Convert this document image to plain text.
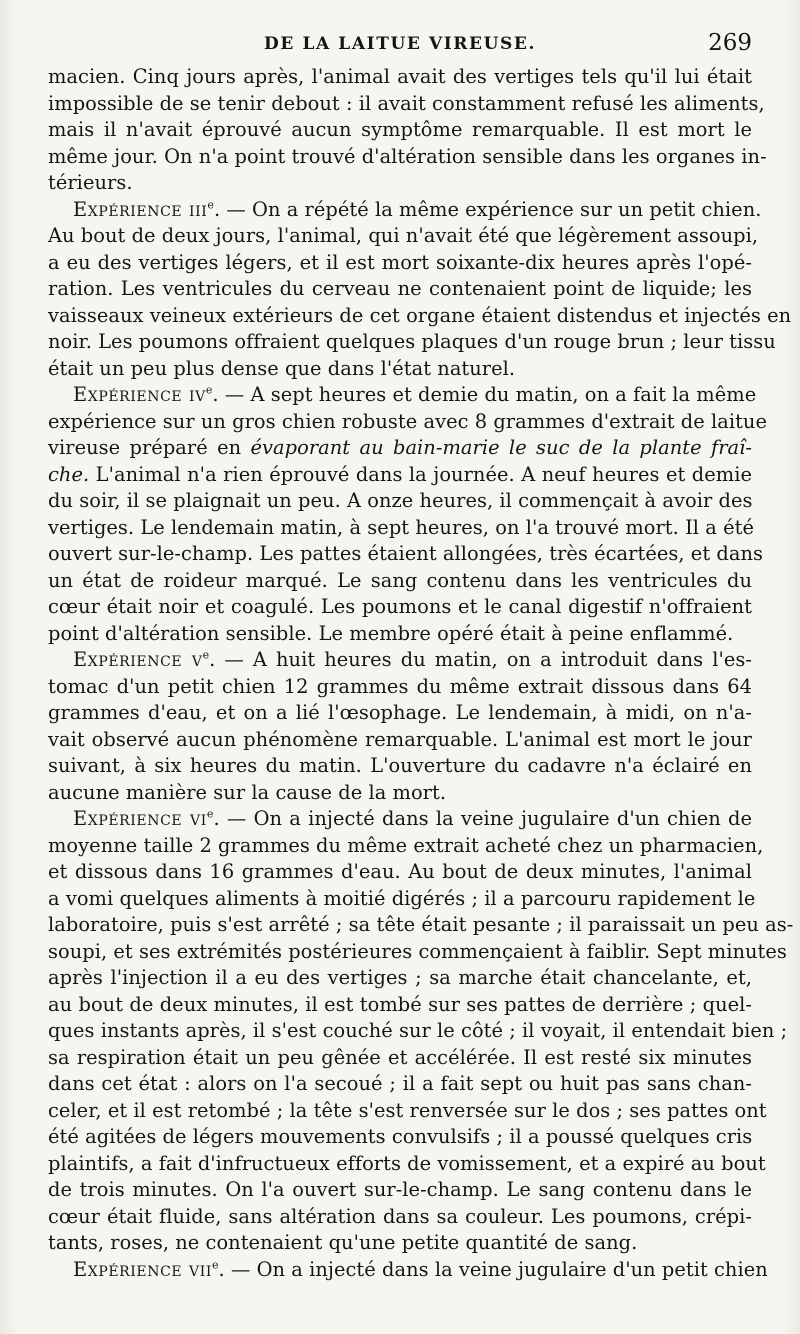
DE LA LAITUE VIREUSE.	269
macien. Cinq jours après, l'animal avait des vertiges tels qu'il lui était
impossible de se tenir debout : il avait constamment refusé les aliments,
mais il n'avait éprouvé aucun symptôme remarquable. Il est mort le
même jour. On n'a point trouvé d'altération sensible dans les organes in-
térieurs.
Expérience iii$^e$. — On a répété la même expérience sur un petit chien.
Au bout de deux jours, l'animal, qui n'avait été que légèrement assoupi,
a eu des vertiges légers, et il est mort soixante-dix heures après l'opé-
ration. Les ventricules du cerveau ne contenaient point de liquide; les
vaisseaux veineux extérieurs de cet organe étaient distendus et injectés en
noir. Les poumons offraient quelques plaques d'un rouge brun ; leur tissu
était un peu plus dense que dans l'état naturel.
Expérience $iv^e$. — A sept heures et demie du matin, on a fait la même
expérience sur un gros chien robuste avec 8 grammes d'extrait de laitue
vireuse préparé en évaporant au bain-marie le suc de la plante fraî-
che. L'animal n'a rien éprouvé dans la journée. A neuf heures et demie
du soir, il se plaignait un peu. A onze heures, il commençait à avoir des
vertiges. Le lendemain matin, à sept heures, on l'a trouvé mort. Il a été
ouvert sur-le-champ. Les pattes étaient allongées, très écartées, et dans
un état de roideur marqué. Le sang contenu dans les ventricules du
cœur était noir et coagulé. Les poumons et le canal digestif n'offraient
point d'altération sensible. Le membre opéré était à peine enflammé.
Expérience $v^e$. — A huit heures du matin, on a introduit dans l'es-
tomac d'un petit chien 12 grammes du même extrait dissous dans 64
grammes d'eau, et on a lié l'œsophage. Le lendemain, à midi, on n'a-
vait observé aucun phénomène remarquable. L'animal est mort le jour
suivant, à six heures du matin. L'ouverture du cadavre n'a éclairé en
aucune manière sur la cause de la mort.
Expérience $vi^e$. — On a injecté dans la veine jugulaire d'un chien de
moyenne taille 2 grammes du même extrait acheté chez un pharmacien,
et dissous dans 16 grammes d'eau. Au bout de deux minutes, l'animal
a vomi quelques aliments à moitié digérés ; il a parcouru rapidement le
laboratoire, puis s'est arrêté ; sa tête était pesante ; il paraissait un peu as-
soupi, et ses extrémités postérieures commençaient à faiblir. Sept minutes
après l'injection il a eu des vertiges ; sa marche était chancelante, et,
au bout de deux minutes, il est tombé sur ses pattes de derrière ; quel-
ques instants après, il s'est couché sur le côté ; il voyait, il entendait bien ;
sa respiration était un peu gênée et accélérée. Il est resté six minutes
dans cet état : alors on l'a secoué ; il a fait sept ou huit pas sans chan-
celer, et il est retombé ; la tête s'est renversée sur le dos ; ses pattes ont
été agitées de légers mouvements convulsifs ; il a poussé quelques cris
plaintifs, a fait d'infructueux efforts de vomissement, et a expiré au bout
de trois minutes. On l'a ouvert sur-le-champ. Le sang contenu dans le
cœur était fluide, sans altération dans sa couleur. Les poumons, crépi-
tants, roses, ne contenaient qu'une petite quantité de sang.
Expérience vii$^e$. — On a injecté dans la veine jugulaire d'un petit chien
